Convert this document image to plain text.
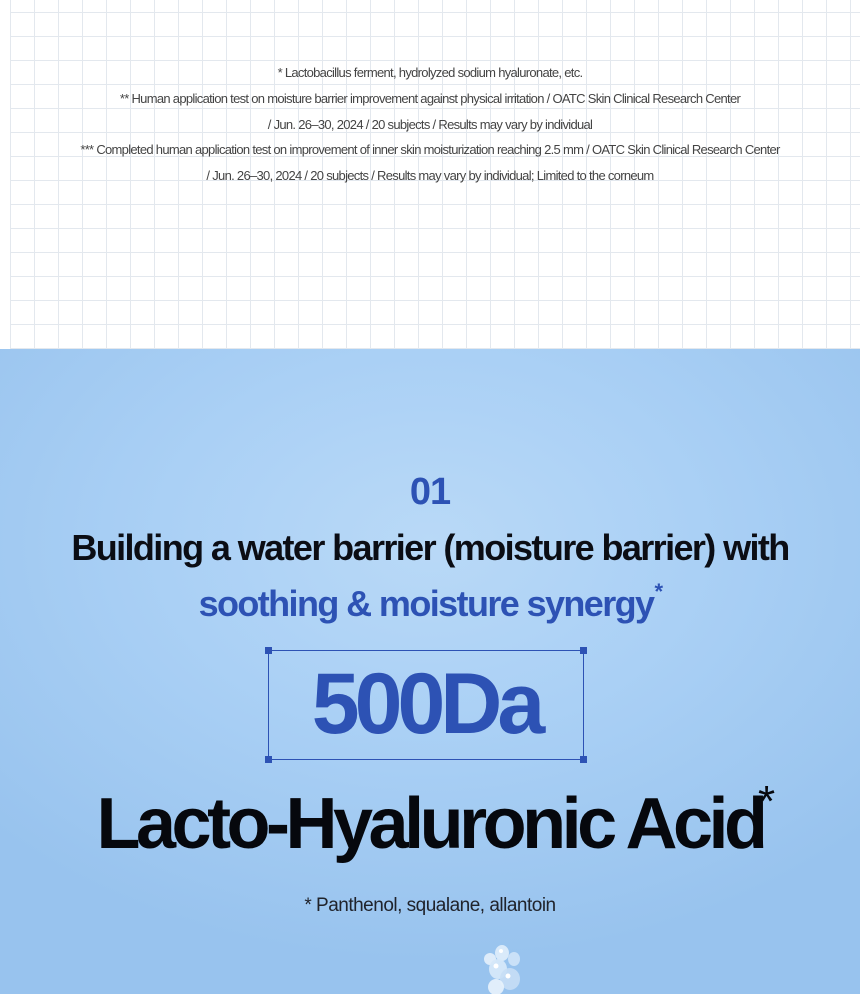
* Lactobacillus ferment, hydrolyzed sodium hyaluronate, etc.

** Human application test on moisture barrier improvement against physical irritation / OATC Skin Clinical Research Center

/ Jun. 26–30, 2024 / 20 subjects / Results may vary by individual

*** Completed human application test on improvement of inner skin moisturization reaching 2.5 mm / OATC Skin Clinical Research Center

/ Jun. 26–30, 2024 / 20 subjects / Results may vary by individual; Limited to the corneum

01
Building a water barrier (moisture barrier) with
soothing & moisture synergy*
500Da
Lacto-Hyaluronic Acid
*
* Panthenol, squalane, allantoin
